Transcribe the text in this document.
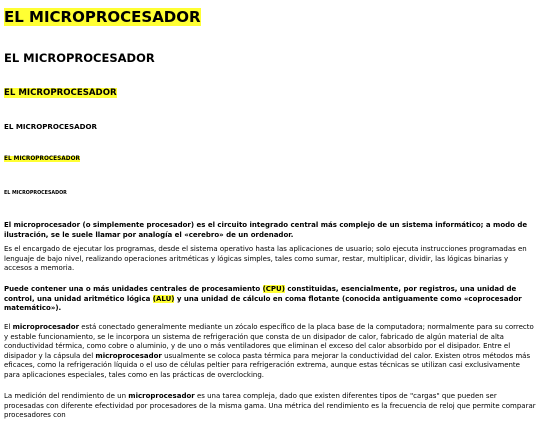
EL MICROPROCESADOR
EL MICROPROCESADOR
EL MICROPROCESADOR
EL MICROPROCESADOR
EL MICROPROCESADOR
EL MICROPROCESADOR

El microprocesador (o simplemente procesador) es el circuito integrado central más complejo de un sistema informático; a modo de ilustración, se le suele llamar por analogía el «cerebro» de un ordenador.

Es el encargado de ejecutar los programas, desde el sistema operativo hasta las aplicaciones de usuario; solo ejecuta instrucciones programadas en lenguaje de bajo nivel, realizando operaciones aritméticas y lógicas simples, tales como sumar, restar, multiplicar, dividir, las lógicas binarias y accesos a memoria.

Puede contener una o más unidades centrales de procesamiento (CPU) constituidas, esencialmente, por registros, una unidad de control, una unidad aritmético lógica (ALU) y una unidad de cálculo en coma flotante (conocida antiguamente como «coprocesador matemático»).

El microprocesador está conectado generalmente mediante un zócalo específico de la placa base de la computadora; normalmente para su correcto y estable funcionamiento, se le incorpora un sistema de refrigeración que consta de un disipador de calor, fabricado de algún material de alta conductividad térmica, como cobre o aluminio, y de uno o más ventiladores que eliminan el exceso del calor absorbido por el disipador. Entre el disipador y la cápsula del microprocesador usualmente se coloca pasta térmica para mejorar la conductividad del calor. Existen otros métodos más eficaces, como la refrigeración líquida o el uso de células peltier para refrigeración extrema, aunque estas técnicas se utilizan casi exclusivamente para aplicaciones especiales, tales como en las prácticas de overclocking.

La medición del rendimiento de un microprocesador es una tarea compleja, dado que existen diferentes tipos de "cargas" que pueden ser procesadas con diferente efectividad por procesadores de la misma gama. Una métrica del rendimiento es la frecuencia de reloj que permite comparar procesadores con
